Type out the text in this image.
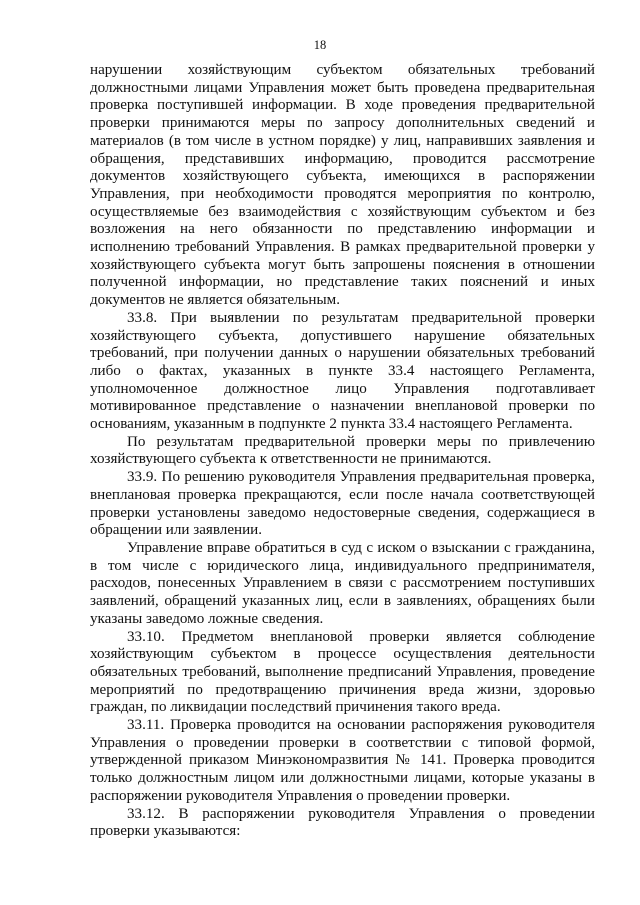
18

нарушении хозяйствующим субъектом обязательных требований должностными лицами Управления может быть проведена предварительная проверка поступившей информации. В ходе проведения предварительной проверки принимаются меры по запросу дополнительных сведений и материалов (в том числе в устном порядке) у лиц, направивших заявления и обращения, представивших информацию, проводится рассмотрение документов хозяйствующего субъекта, имеющихся в распоряжении Управления, при необходимости проводятся мероприятия по контролю, осуществляемые без взаимодействия с хозяйствующим субъектом и без возложения на него обязанности по представлению информации и исполнению требований Управления. В рамках предварительной проверки у хозяйствующего субъекта могут быть запрошены пояснения в отношении полученной информации, но представление таких пояснений и иных документов не является обязательным.

33.8. При выявлении по результатам предварительной проверки хозяйствующего субъекта, допустившего нарушение обязательных требований, при получении данных о нарушении обязательных требований либо о фактах, указанных в пункте 33.4 настоящего Регламента, уполномоченное должностное лицо Управления подготавливает мотивированное представление о назначении внеплановой проверки по основаниям, указанным в подпункте 2 пункта 33.4 настоящего Регламента.

По результатам предварительной проверки меры по привлечению хозяйствующего субъекта к ответственности не принимаются.

33.9. По решению руководителя Управления предварительная проверка, внеплановая проверка прекращаются, если после начала соответствующей проверки установлены заведомо недостоверные сведения, содержащиеся в обращении или заявлении.

Управление вправе обратиться в суд с иском о взыскании с гражданина, в том числе с юридического лица, индивидуального предпринимателя, расходов, понесенных Управлением в связи с рассмотрением поступивших заявлений, обращений указанных лиц, если в заявлениях, обращениях были указаны заведомо ложные сведения.

33.10. Предметом внеплановой проверки является соблюдение хозяйствующим субъектом в процессе осуществления деятельности обязательных требований, выполнение предписаний Управления, проведение мероприятий по предотвращению причинения вреда жизни, здоровью граждан, по ликвидации последствий причинения такого вреда.

33.11. Проверка проводится на основании распоряжения руководителя Управления о проведении проверки в соответствии с типовой формой, утвержденной приказом Минэкономразвития № 141. Проверка проводится только должностным лицом или должностными лицами, которые указаны в распоряжении руководителя Управления о проведении проверки.

33.12. В распоряжении руководителя Управления о проведении проверки указываются:
